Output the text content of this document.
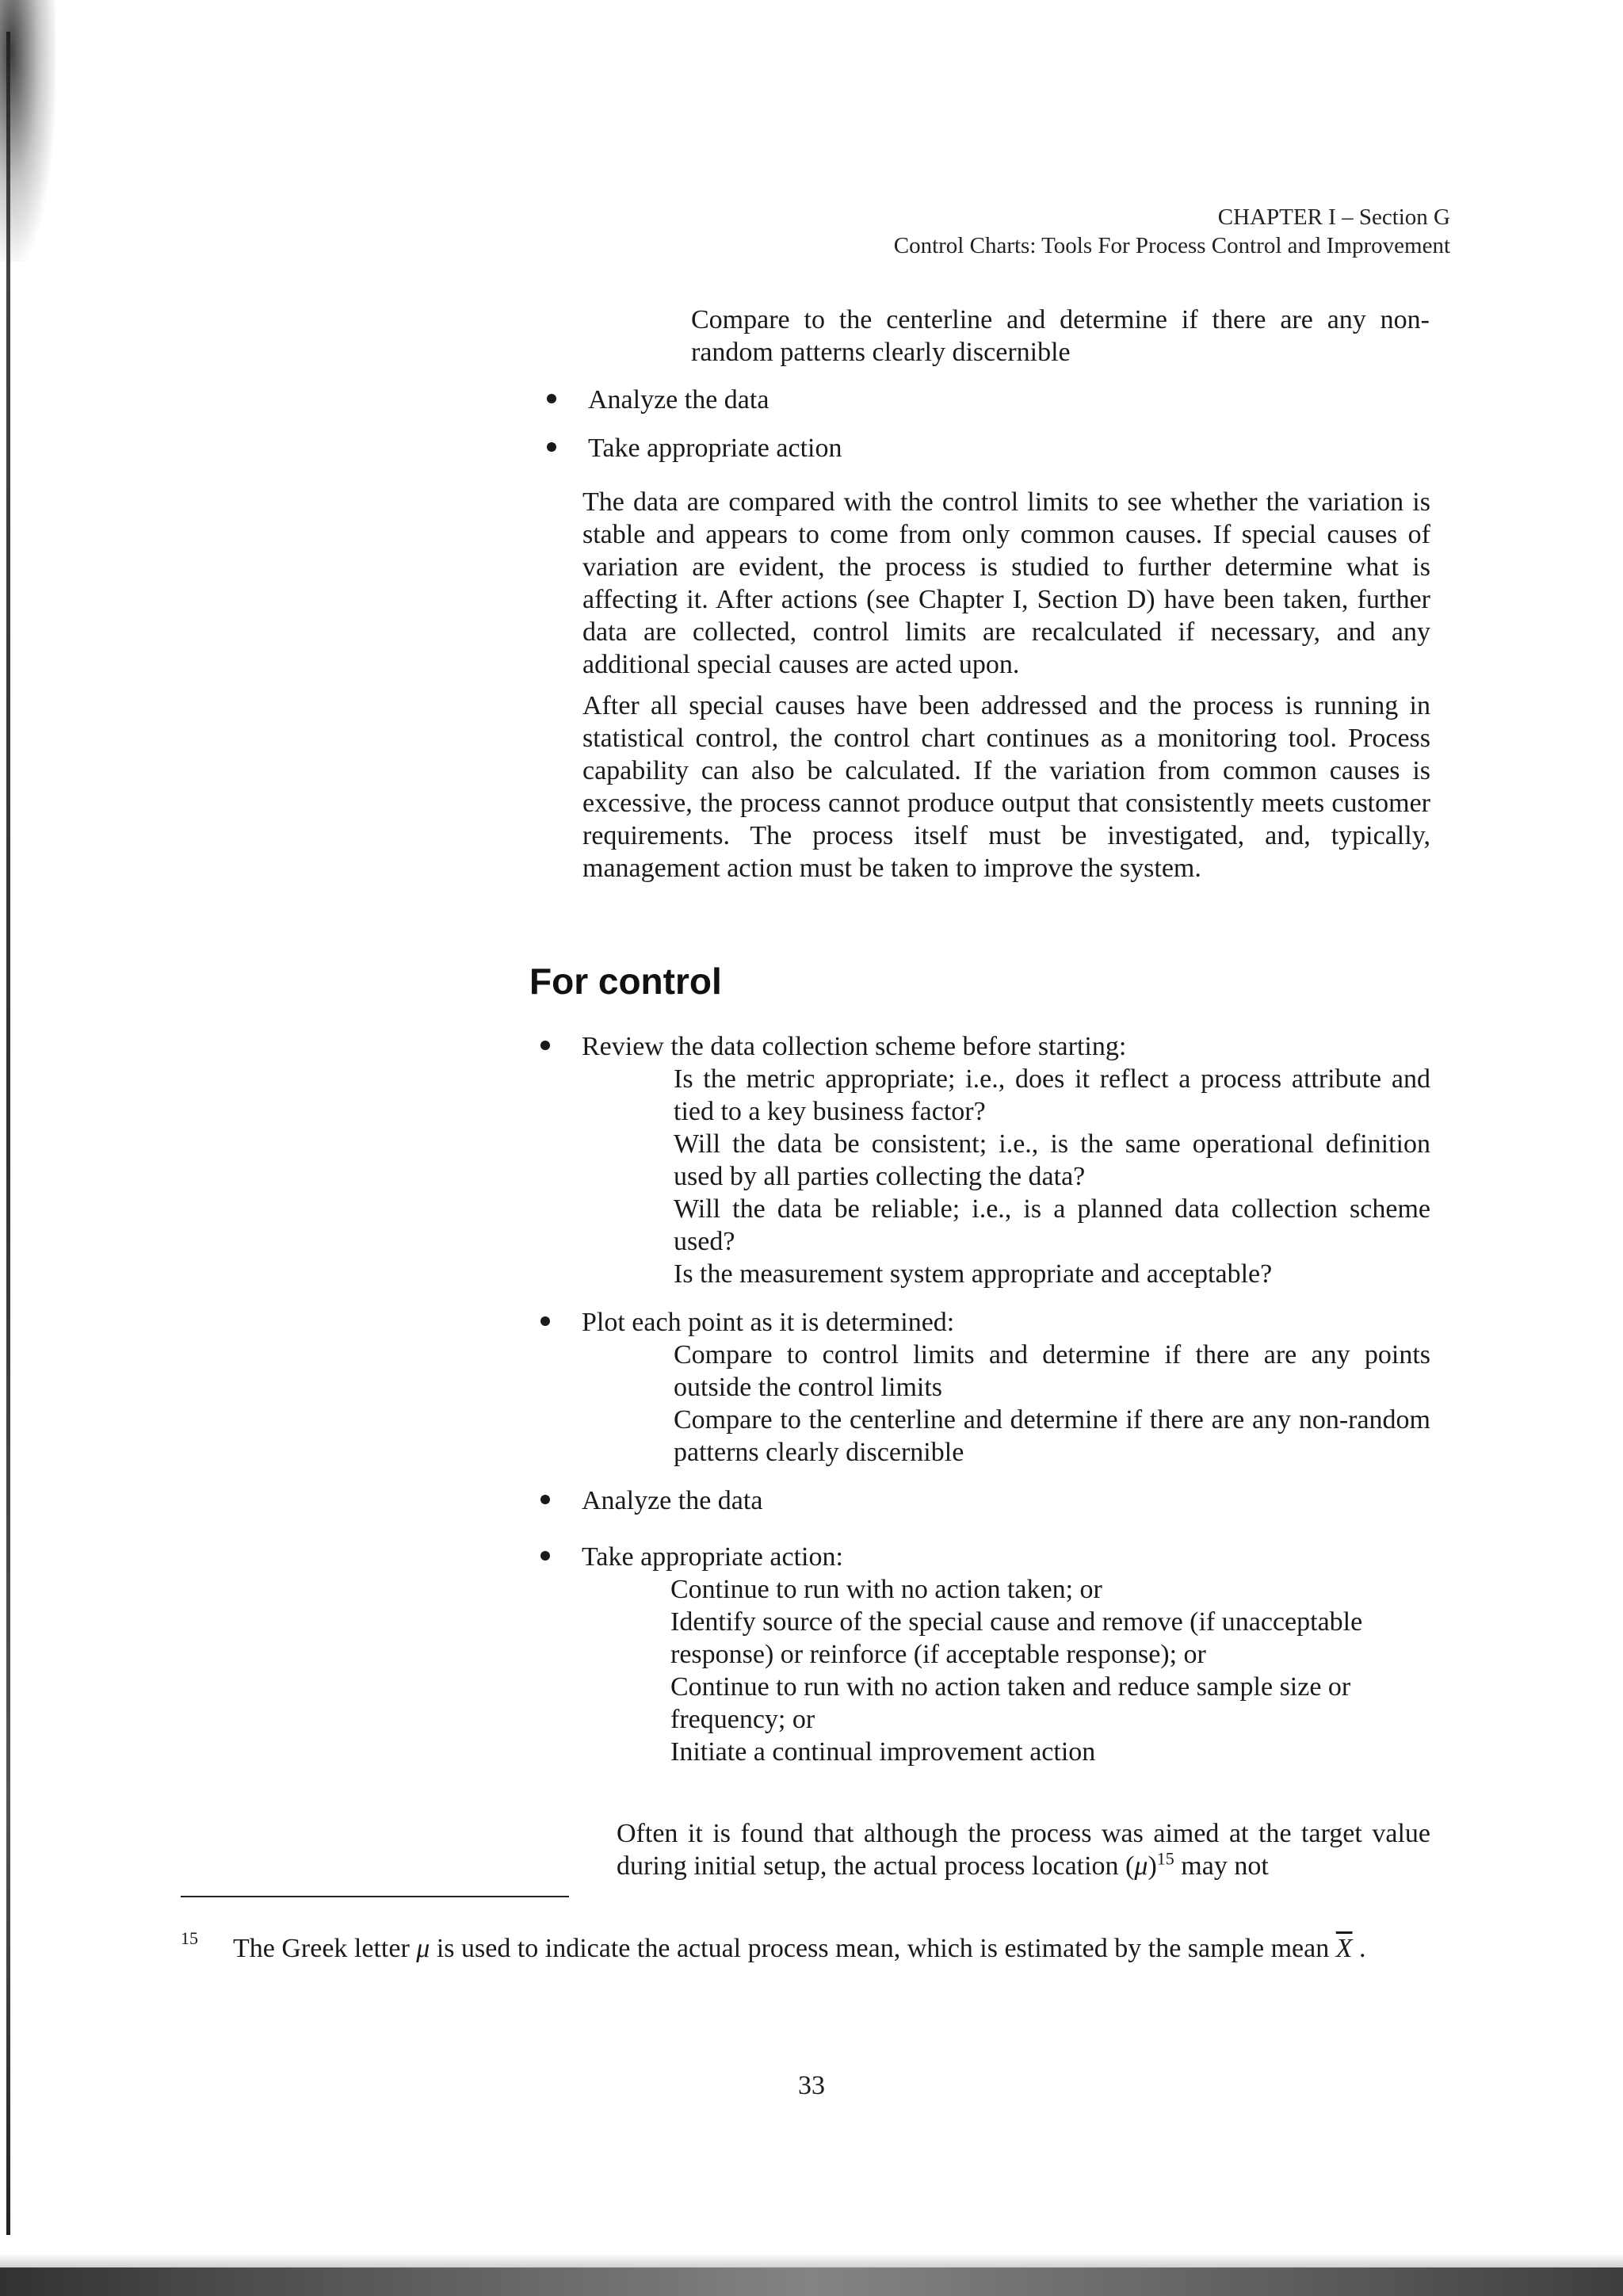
CHAPTER I – Section G
Control Charts: Tools For Process Control and Improvement
Compare to the centerline and determine if there are any non-random patterns clearly discernible
Analyze the data
Take appropriate action
The data are compared with the control limits to see whether the variation is stable and appears to come from only common causes. If special causes of variation are evident, the process is studied to further determine what is affecting it. After actions (see Chapter I, Section D) have been taken, further data are collected, control limits are recalculated if necessary, and any additional special causes are acted upon.
After all special causes have been addressed and the process is running in statistical control, the control chart continues as a monitoring tool. Process capability can also be calculated. If the variation from common causes is excessive, the process cannot produce output that consistently meets customer requirements. The process itself must be investigated, and, typically, management action must be taken to improve the system.
For control
Review the data collection scheme before starting:
Is the metric appropriate; i.e., does it reflect a process attribute and tied to a key business factor?
Will the data be consistent; i.e., is the same operational definition used by all parties collecting the data?
Will the data be reliable; i.e., is a planned data collection scheme used?
Is the measurement system appropriate and acceptable?
Plot each point as it is determined:
Compare to control limits and determine if there are any points outside the control limits
Compare to the centerline and determine if there are any non-random patterns clearly discernible
Analyze the data
Take appropriate action:
Continue to run with no action taken; or
Identify source of the special cause and remove (if unacceptable response) or reinforce (if acceptable response); or
Continue to run with no action taken and reduce sample size or frequency; or
Initiate a continual improvement action
Often it is found that although the process was aimed at the target value during initial setup, the actual process location $(\mu)^{15}$ may not
15 The Greek letter μ is used to indicate the actual process mean, which is estimated by the sample mean $\overline{X}$ .
33
